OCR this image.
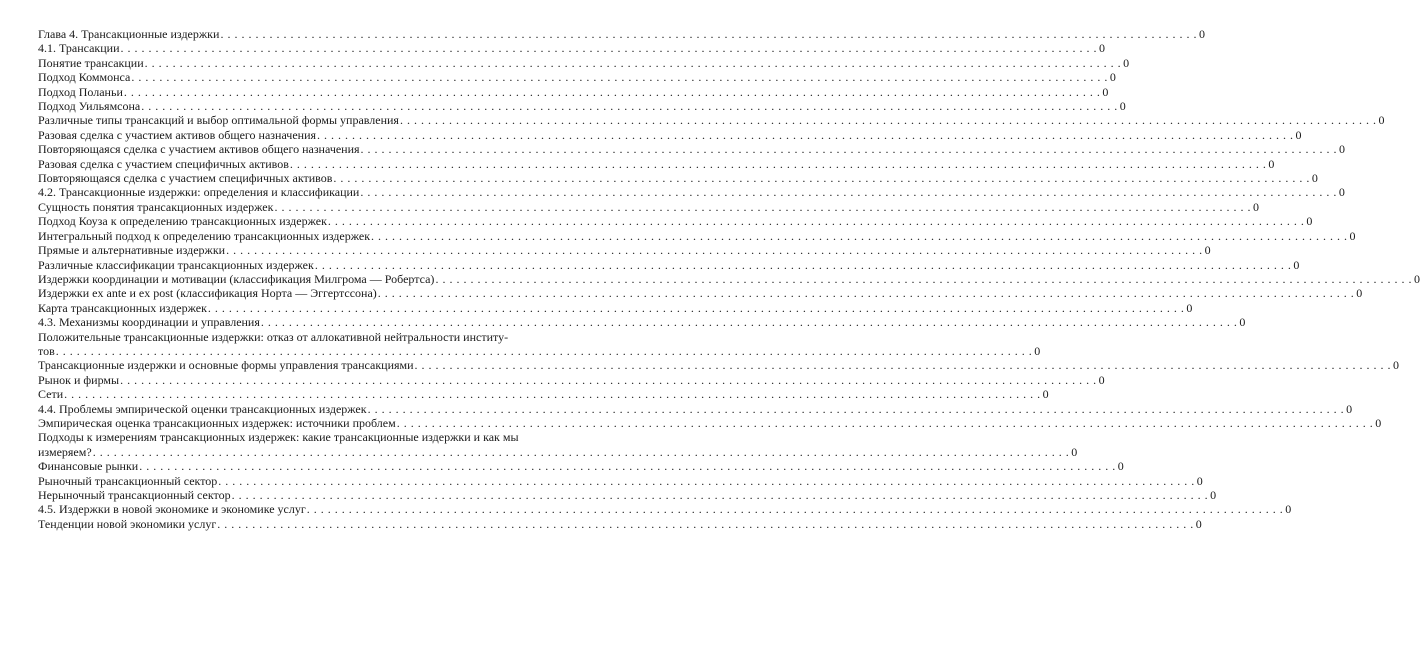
Глава 4. Трансакционные издержки . . . . . . . . . . . . . . . . . . . . . . . . . . . . . . . . . . . . . . . . . . . . . . . . . . . . . . . . . . . . . . . . . . . . . . . . . . . . . . . . . . . . . . . . . . . . . . . . . . . . . . . . . . . . . . . . . . . . . . . . . . . . . . . . . . . . . . . . . . . . 0
4.1. Трансакции . . . . . . . . . . . . . . . . . . . . . . . . . . . . . . . . . . . . . . . . . . . . . . . . . . . . . . . . . . . . . . . . . . . . . . . . . . . . . . . . . . . . . . . . . . . . . . . . . . . . . . . . . . . . . . . . . . . . . . . . . . . . . . . . . . . . . . . . . . . . 0
Понятие трансакции . . . . . . . . . . . . . . . . . . . . . . . . . . . . . . . . . . . . . . . . . . . . . . . . . . . . . . . . . . . . . . . . . . . . . . . . . . . . . . . . . . . . . . . . . . . . . . . . . . . . . . . . . . . . . . . . . . . . . . . . . . . . . . . . . . . . . . . . . . . . 0
Подход Коммонса . . . . . . . . . . . . . . . . . . . . . . . . . . . . . . . . . . . . . . . . . . . . . . . . . . . . . . . . . . . . . . . . . . . . . . . . . . . . . . . . . . . . . . . . . . . . . . . . . . . . . . . . . . . . . . . . . . . . . . . . . . . . . . . . . . . . . . . . . . . . 0
Подход Поланьи . . . . . . . . . . . . . . . . . . . . . . . . . . . . . . . . . . . . . . . . . . . . . . . . . . . . . . . . . . . . . . . . . . . . . . . . . . . . . . . . . . . . . . . . . . . . . . . . . . . . . . . . . . . . . . . . . . . . . . . . . . . . . . . . . . . . . . . . . . . . 0
Подход Уильямсона . . . . . . . . . . . . . . . . . . . . . . . . . . . . . . . . . . . . . . . . . . . . . . . . . . . . . . . . . . . . . . . . . . . . . . . . . . . . . . . . . . . . . . . . . . . . . . . . . . . . . . . . . . . . . . . . . . . . . . . . . . . . . . . . . . . . . . . . . . . . 0
Различные типы трансакций и выбор оптимальной формы управления . . . . . . . . . . . . . . . . . . . . . . . . . . . . . . . . . . . . . . . . . . . . . . . . . . . . . . . . . . . . . . . . . . . . . . . . . . . . . . . . . . . . . . . . . . . . . . . . . . . . . . . . . . . . . . . . . . . . . . . . . . . . . . . . . . . . . . . . . . . . 0
Разовая сделка с участием активов общего назначения . . . . . . . . . . . . . . . . . . . . . . . . . . . . . . . . . . . . . . . . . . . . . . . . . . . . . . . . . . . . . . . . . . . . . . . . . . . . . . . . . . . . . . . . . . . . . . . . . . . . . . . . . . . . . . . . . . . . . . . . . . . . . . . . . . . . . . . . . . . . 0
Повторяющаяся сделка с участием активов общего назначения . . . . . . . . . . . . . . . . . . . . . . . . . . . . . . . . . . . . . . . . . . . . . . . . . . . . . . . . . . . . . . . . . . . . . . . . . . . . . . . . . . . . . . . . . . . . . . . . . . . . . . . . . . . . . . . . . . . . . . . . . . . . . . . . . . . . . . . . . . . . 0
Разовая сделка с участием специфичных активов . . . . . . . . . . . . . . . . . . . . . . . . . . . . . . . . . . . . . . . . . . . . . . . . . . . . . . . . . . . . . . . . . . . . . . . . . . . . . . . . . . . . . . . . . . . . . . . . . . . . . . . . . . . . . . . . . . . . . . . . . . . . . . . . . . . . . . . . . . . . 0
Повторяющаяся сделка с участием специфичных активов . . . . . . . . . . . . . . . . . . . . . . . . . . . . . . . . . . . . . . . . . . . . . . . . . . . . . . . . . . . . . . . . . . . . . . . . . . . . . . . . . . . . . . . . . . . . . . . . . . . . . . . . . . . . . . . . . . . . . . . . . . . . . . . . . . . . . . . . . . . . 0
4.2. Трансакционные издержки: определения и классификации . . . . . . . . . . . . . . . . . . . . . . . . . . . . . . . . . . . . . . . . . . . . . . . . . . . . . . . . . . . . . . . . . . . . . . . . . . . . . . . . . . . . . . . . . . . . . . . . . . . . . . . . . . . . . . . . . . . . . . . . . . . . . . . . . . . . . . . . . . . . 0
Сущность понятия трансакционных издержек . . . . . . . . . . . . . . . . . . . . . . . . . . . . . . . . . . . . . . . . . . . . . . . . . . . . . . . . . . . . . . . . . . . . . . . . . . . . . . . . . . . . . . . . . . . . . . . . . . . . . . . . . . . . . . . . . . . . . . . . . . . . . . . . . . . . . . . . . . . . 0
Подход Коуза к определению трансакционных издержек . . . . . . . . . . . . . . . . . . . . . . . . . . . . . . . . . . . . . . . . . . . . . . . . . . . . . . . . . . . . . . . . . . . . . . . . . . . . . . . . . . . . . . . . . . . . . . . . . . . . . . . . . . . . . . . . . . . . . . . . . . . . . . . . . . . . . . . . . . . . 0
Интегральный подход к определению трансакционных издержек . . . . . . . . . . . . . . . . . . . . . . . . . . . . . . . . . . . . . . . . . . . . . . . . . . . . . . . . . . . . . . . . . . . . . . . . . . . . . . . . . . . . . . . . . . . . . . . . . . . . . . . . . . . . . . . . . . . . . . . . . . . . . . . . . . . . . . . . . . . . 0
Прямые и альтернативные издержки . . . . . . . . . . . . . . . . . . . . . . . . . . . . . . . . . . . . . . . . . . . . . . . . . . . . . . . . . . . . . . . . . . . . . . . . . . . . . . . . . . . . . . . . . . . . . . . . . . . . . . . . . . . . . . . . . . . . . . . . . . . . . . . . . . . . . . . . . . . . 0
Различные классификации трансакционных издержек . . . . . . . . . . . . . . . . . . . . . . . . . . . . . . . . . . . . . . . . . . . . . . . . . . . . . . . . . . . . . . . . . . . . . . . . . . . . . . . . . . . . . . . . . . . . . . . . . . . . . . . . . . . . . . . . . . . . . . . . . . . . . . . . . . . . . . . . . . . . 0
Издержки координации и мотивации (классификация Милгрома — Робертса) . . . . . . . . . . . . . . . . . . . . . . . . . . . . . . . . . . . . . . . . . . . . . . . . . . . . . . . . . . . . . . . . . . . . . . . . . . . . . . . . . . . . . . . . . . . . . . . . . . . . . . . . . . . . . . . . . . . . . . . . . . . . . . . . . . . . . . . . . . . . 0
Издержки ex ante и ex post (классификация Норта — Эггертссона) . . . . . . . . . . . . . . . . . . . . . . . . . . . . . . . . . . . . . . . . . . . . . . . . . . . . . . . . . . . . . . . . . . . . . . . . . . . . . . . . . . . . . . . . . . . . . . . . . . . . . . . . . . . . . . . . . . . . . . . . . . . . . . . . . . . . . . . . . . . . 0
Карта трансакционных издержек . . . . . . . . . . . . . . . . . . . . . . . . . . . . . . . . . . . . . . . . . . . . . . . . . . . . . . . . . . . . . . . . . . . . . . . . . . . . . . . . . . . . . . . . . . . . . . . . . . . . . . . . . . . . . . . . . . . . . . . . . . . . . . . . . . . . . . . . . . . . 0
4.3. Механизмы координации и управления . . . . . . . . . . . . . . . . . . . . . . . . . . . . . . . . . . . . . . . . . . . . . . . . . . . . . . . . . . . . . . . . . . . . . . . . . . . . . . . . . . . . . . . . . . . . . . . . . . . . . . . . . . . . . . . . . . . . . . . . . . . . . . . . . . . . . . . . . . . . 0
Положительные трансакционные издержки: отказ от аллокативной нейтральности институ-
тов . . . . . . . . . . . . . . . . . . . . . . . . . . . . . . . . . . . . . . . . . . . . . . . . . . . . . . . . . . . . . . . . . . . . . . . . . . . . . . . . . . . . . . . . . . . . . . . . . . . . . . . . . . . . . . . . . . . . . . . . . . . . . . . . . . . . . . . . . . . . 0
Трансакционные издержки и основные формы управления трансакциями . . . . . . . . . . . . . . . . . . . . . . . . . . . . . . . . . . . . . . . . . . . . . . . . . . . . . . . . . . . . . . . . . . . . . . . . . . . . . . . . . . . . . . . . . . . . . . . . . . . . . . . . . . . . . . . . . . . . . . . . . . . . . . . . . . . . . . . . . . . . 0
Рынок и фирмы . . . . . . . . . . . . . . . . . . . . . . . . . . . . . . . . . . . . . . . . . . . . . . . . . . . . . . . . . . . . . . . . . . . . . . . . . . . . . . . . . . . . . . . . . . . . . . . . . . . . . . . . . . . . . . . . . . . . . . . . . . . . . . . . . . . . . . . . . . . . 0
Сети . . . . . . . . . . . . . . . . . . . . . . . . . . . . . . . . . . . . . . . . . . . . . . . . . . . . . . . . . . . . . . . . . . . . . . . . . . . . . . . . . . . . . . . . . . . . . . . . . . . . . . . . . . . . . . . . . . . . . . . . . . . . . . . . . . . . . . . . . . . . 0
4.4. Проблемы эмпирической оценки трансакционных издержек . . . . . . . . . . . . . . . . . . . . . . . . . . . . . . . . . . . . . . . . . . . . . . . . . . . . . . . . . . . . . . . . . . . . . . . . . . . . . . . . . . . . . . . . . . . . . . . . . . . . . . . . . . . . . . . . . . . . . . . . . . . . . . . . . . . . . . . . . . . . 0
Эмпирическая оценка трансакционных издержек: источники проблем . . . . . . . . . . . . . . . . . . . . . . . . . . . . . . . . . . . . . . . . . . . . . . . . . . . . . . . . . . . . . . . . . . . . . . . . . . . . . . . . . . . . . . . . . . . . . . . . . . . . . . . . . . . . . . . . . . . . . . . . . . . . . . . . . . . . . . . . . . . . 0
Подходы к измерениям трансакционных издержек: какие трансакционные издержки и как мы
измеряем? . . . . . . . . . . . . . . . . . . . . . . . . . . . . . . . . . . . . . . . . . . . . . . . . . . . . . . . . . . . . . . . . . . . . . . . . . . . . . . . . . . . . . . . . . . . . . . . . . . . . . . . . . . . . . . . . . . . . . . . . . . . . . . . . . . . . . . . . . . . . 0
Финансовые рынки . . . . . . . . . . . . . . . . . . . . . . . . . . . . . . . . . . . . . . . . . . . . . . . . . . . . . . . . . . . . . . . . . . . . . . . . . . . . . . . . . . . . . . . . . . . . . . . . . . . . . . . . . . . . . . . . . . . . . . . . . . . . . . . . . . . . . . . . . . . . 0
Рыночный трансакционный сектор . . . . . . . . . . . . . . . . . . . . . . . . . . . . . . . . . . . . . . . . . . . . . . . . . . . . . . . . . . . . . . . . . . . . . . . . . . . . . . . . . . . . . . . . . . . . . . . . . . . . . . . . . . . . . . . . . . . . . . . . . . . . . . . . . . . . . . . . . . . . 0
Нерыночный трансакционный сектор . . . . . . . . . . . . . . . . . . . . . . . . . . . . . . . . . . . . . . . . . . . . . . . . . . . . . . . . . . . . . . . . . . . . . . . . . . . . . . . . . . . . . . . . . . . . . . . . . . . . . . . . . . . . . . . . . . . . . . . . . . . . . . . . . . . . . . . . . . . . 0
4.5. Издержки в новой экономике и экономике услуг . . . . . . . . . . . . . . . . . . . . . . . . . . . . . . . . . . . . . . . . . . . . . . . . . . . . . . . . . . . . . . . . . . . . . . . . . . . . . . . . . . . . . . . . . . . . . . . . . . . . . . . . . . . . . . . . . . . . . . . . . . . . . . . . . . . . . . . . . . . . 0
Тенденции новой экономики услуг . . . . . . . . . . . . . . . . . . . . . . . . . . . . . . . . . . . . . . . . . . . . . . . . . . . . . . . . . . . . . . . . . . . . . . . . . . . . . . . . . . . . . . . . . . . . . . . . . . . . . . . . . . . . . . . . . . . . . . . . . . . . . . . . . . . . . . . . . . . . 0
